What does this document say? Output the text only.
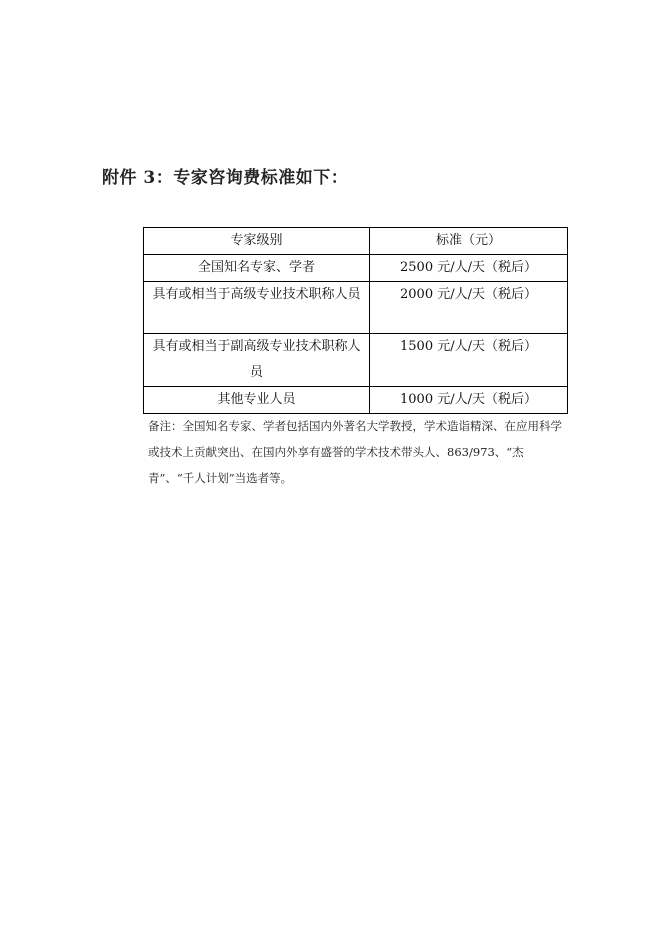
附件 3：专家咨询费标准如下：
专家级别	标准（元）
全国知名专家、学者	2500 元/人/天（税后）
具有或相当于高级专业技术职称人员	2000 元/人/天（税后）
具有或相当于副高级专业技术职称人员	1500 元/人/天（税后）
其他专业人员	1000 元/人/天（税后）
备注：全国知名专家、学者包括国内外著名大学教授，学术造诣精深、在应用科学或技术上贡献突出、在国内外享有盛誉的学术技术带头人、863/973、“杰青”、“千人计划”当选者等。
